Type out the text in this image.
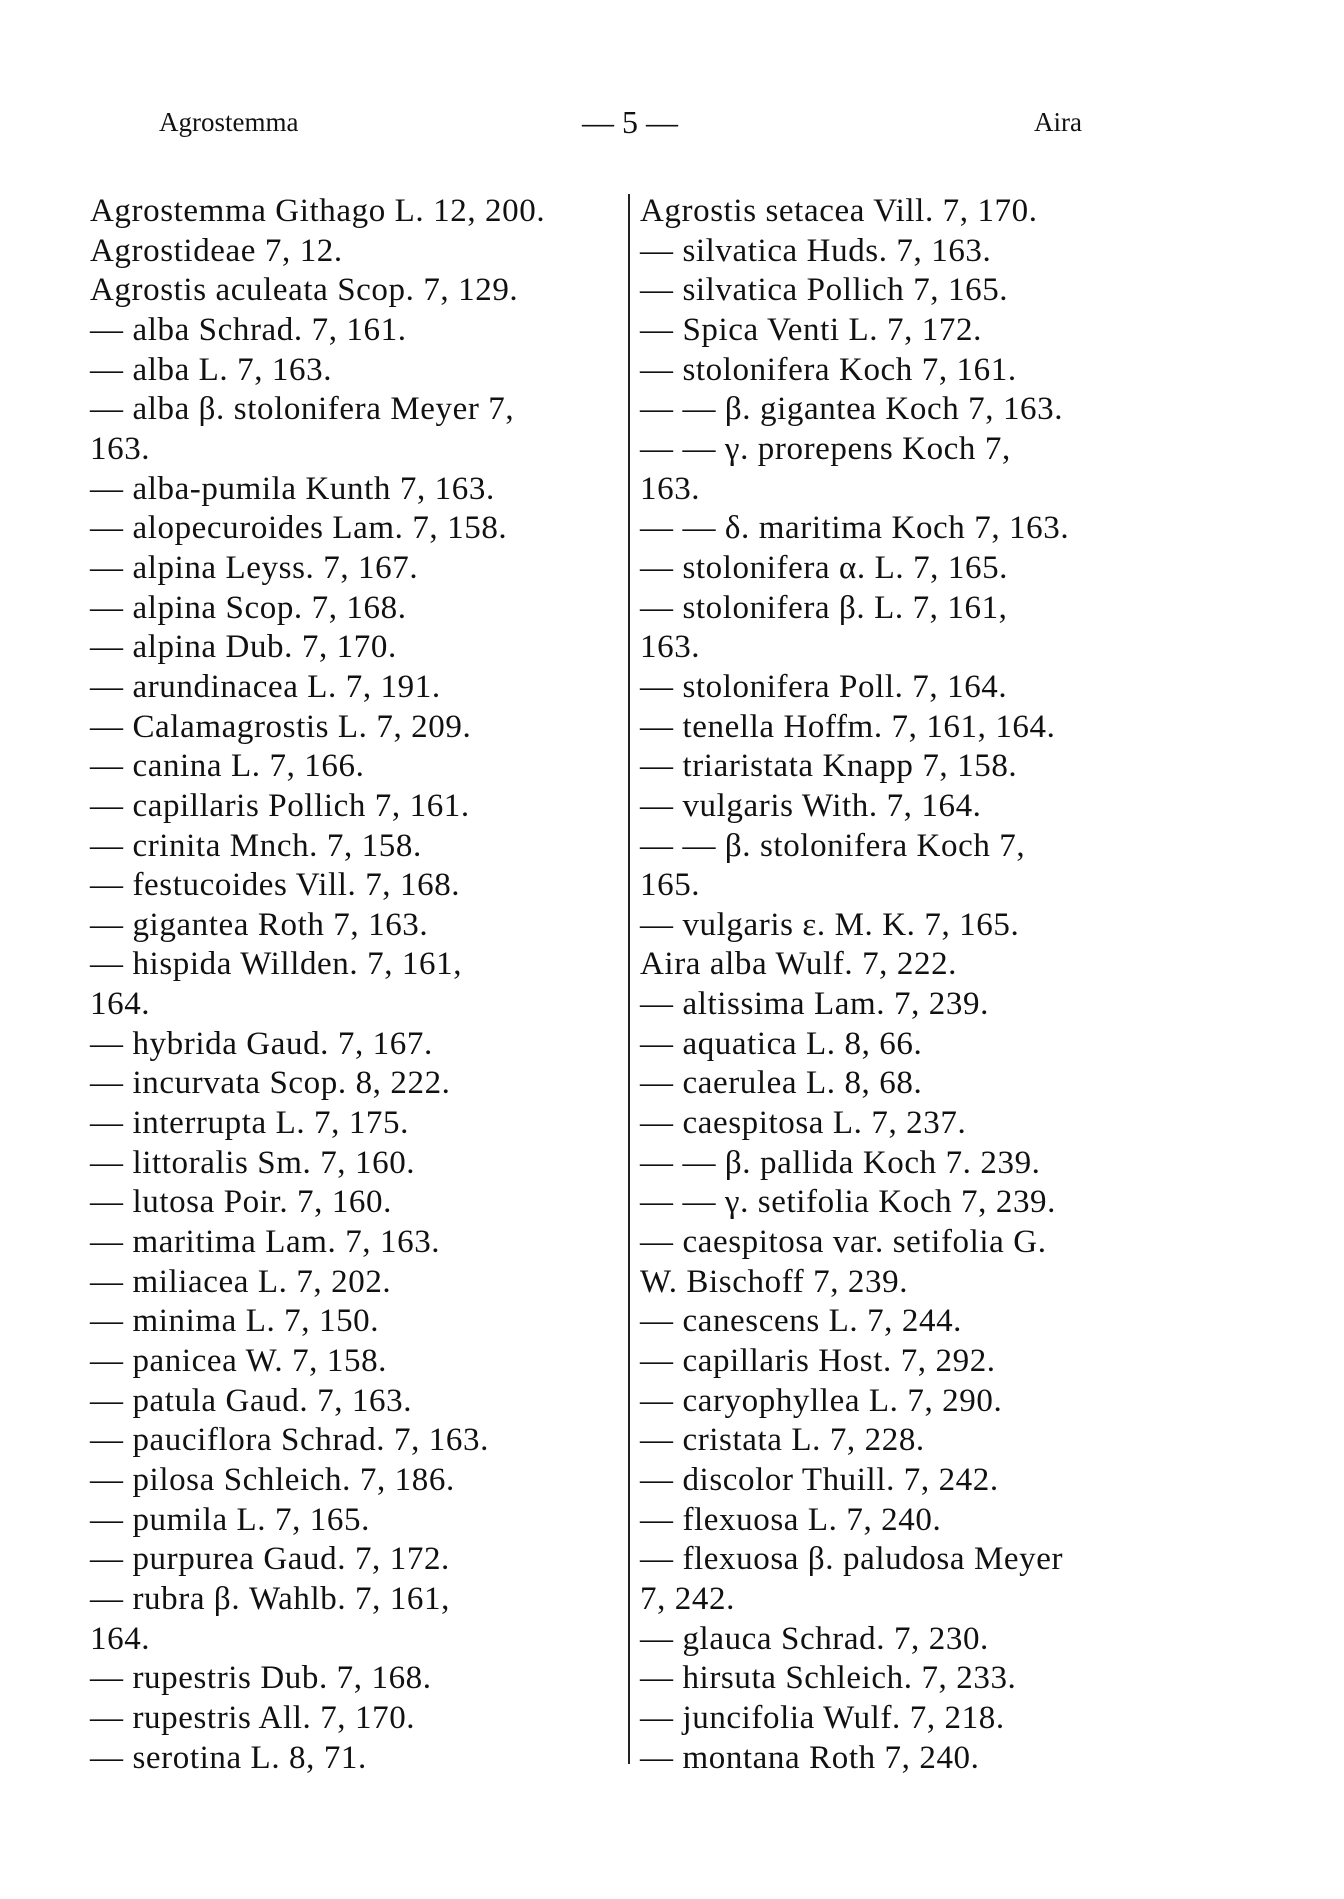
Agrostemma	— 5 —	Aira
Agrostemma Githago L. 12, 200.
Agrostideae 7, 12.
Agrostis aculeata Scop. 7, 129.
— alba Schrad. 7, 161.
— alba L. 7, 163.
— alba β. stolonifera Meyer 7,
163.
— alba-pumila Kunth 7, 163.
— alopecuroides Lam. 7, 158.
— alpina Leyss. 7, 167.
— alpina Scop. 7, 168.
— alpina Dub. 7, 170.
— arundinacea L. 7, 191.
— Calamagrostis L. 7, 209.
— canina L. 7, 166.
— capillaris Pollich 7, 161.
— crinita Mnch. 7, 158.
— festucoides Vill. 7, 168.
— gigantea Roth 7, 163.
— hispida Willden. 7, 161,
164.
— hybrida Gaud. 7, 167.
— incurvata Scop. 8, 222.
— interrupta L. 7, 175.
— littoralis Sm. 7, 160.
— lutosa Poir. 7, 160.
— maritima Lam. 7, 163.
— miliacea L. 7, 202.
— minima L. 7, 150.
— panicea W. 7, 158.
— patula Gaud. 7, 163.
— pauciflora Schrad. 7, 163.
— pilosa Schleich. 7, 186.
— pumila L. 7, 165.
— purpurea Gaud. 7, 172.
— rubra β. Wahlb. 7, 161,
164.
— rupestris Dub. 7, 168.
— rupestris All. 7, 170.
— serotina L. 8, 71.
Agrostis setacea Vill. 7, 170.
— silvatica Huds. 7, 163.
— silvatica Pollich 7, 165.
— Spica Venti L. 7, 172.
— stolonifera Koch 7, 161.
— — β. gigantea Koch 7, 163.
— — γ. prorepens Koch 7,
163.
— — δ. maritima Koch 7, 163.
— stolonifera α. L. 7, 165.
— stolonifera β. L. 7, 161,
163.
— stolonifera Poll. 7, 164.
— tenella Hoffm. 7, 161, 164.
— triaristata Knapp 7, 158.
— vulgaris With. 7, 164.
— — β. stolonifera Koch 7,
165.
— vulgaris ε. M. K. 7, 165.
Aira alba Wulf. 7, 222.
— altissima Lam. 7, 239.
— aquatica L. 8, 66.
— caerulea L. 8, 68.
— caespitosa L. 7, 237.
— — β. pallida Koch 7. 239.
— — γ. setifolia Koch 7, 239.
— caespitosa var. setifolia G.
W. Bischoff 7, 239.
— canescens L. 7, 244.
— capillaris Host. 7, 292.
— caryophyllea L. 7, 290.
— cristata L. 7, 228.
— discolor Thuill. 7, 242.
— flexuosa L. 7, 240.
— flexuosa β. paludosa Meyer
7, 242.
— glauca Schrad. 7, 230.
— hirsuta Schleich. 7, 233.
— juncifolia Wulf. 7, 218.
— montana Roth 7, 240.
